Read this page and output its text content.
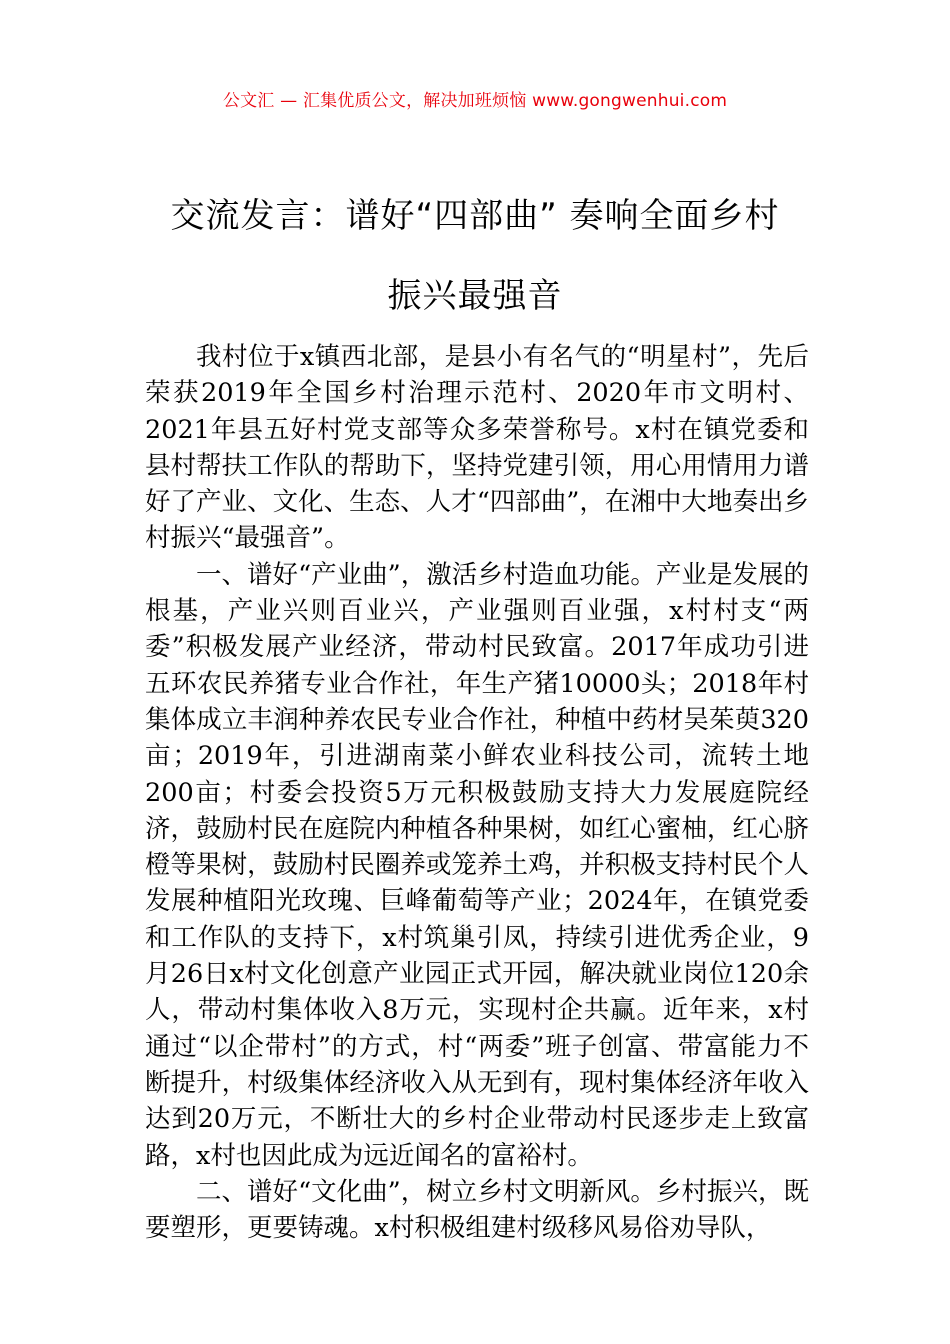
公文汇 — 汇集优质公文，解决加班烦恼 www.gongwenhui.com
交流发言：谱好“四部曲” 奏响全面乡村
振兴最强音

我村位于x镇西北部，是县小有名气的“明星村”，先后荣获2019年全国乡村治理示范村、2020年市文明村、2021年县五好村党支部等众多荣誉称号。x村在镇党委和县村帮扶工作队的帮助下，坚持党建引领，用心用情用力谱好了产业、文化、生态、人才“四部曲”，在湘中大地奏出乡村振兴“最强音”。

一、谱好“产业曲”，激活乡村造血功能。产业是发展的根基，产业兴则百业兴，产业强则百业强，x村村支“两委”积极发展产业经济，带动村民致富。2017年成功引进五环农民养猪专业合作社，年生产猪10000头；2018年村集体成立丰润种养农民专业合作社，种植中药材吴茱萸320亩；2019年，引进湖南菜小鲜农业科技公司，流转土地200亩；村委会投资5万元积极鼓励支持大力发展庭院经济，鼓励村民在庭院内种植各种果树，如红心蜜柚，红心脐橙等果树，鼓励村民圈养或笼养土鸡，并积极支持村民个人发展种植阳光玫瑰、巨峰葡萄等产业；2024年，在镇党委和工作队的支持下，x村筑巢引凤，持续引进优秀企业，9月26日x村文化创意产业园正式开园，解决就业岗位120余人，带动村集体收入8万元，实现村企共赢。近年来，x村通过“以企带村”的方式，村“两委”班子创富、带富能力不断提升，村级集体经济收入从无到有，现村集体经济年收入达到20万元，不断壮大的乡村企业带动村民逐步走上致富路，x村也因此成为远近闻名的富裕村。

二、谱好“文化曲”，树立乡村文明新风。乡村振兴，既要塑形，更要铸魂。x村积极组建村级移风易俗劝导队，
